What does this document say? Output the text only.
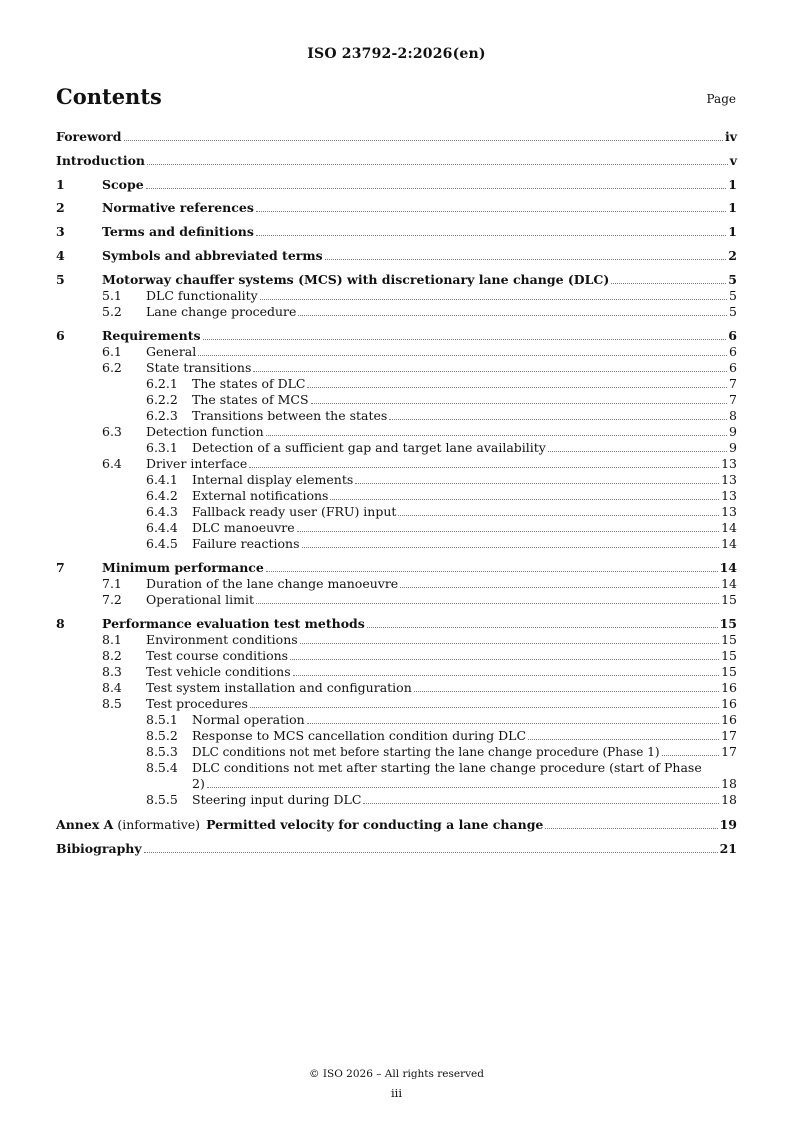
ISO 23792-2:2026(en)
Contents	Page
Foreword	iv
Introduction	v
1	Scope	1
2	Normative references	1
3	Terms and definitions	1
4	Symbols and abbreviated terms	2
5	Motorway chauffer systems (MCS) with discretionary lane change (DLC)	5
5.1	DLC functionality	5
5.2	Lane change procedure	5
6	Requirements	6
6.1	General	6
6.2	State transitions	6
6.2.1	The states of DLC	7
6.2.2	The states of MCS	7
6.2.3	Transitions between the states	8
6.3	Detection function	9
6.3.1	Detection of a sufficient gap and target lane availability	9
6.4	Driver interface	13
6.4.1	Internal display elements	13
6.4.2	External notifications	13
6.4.3	Fallback ready user (FRU) input	13
6.4.4	DLC manoeuvre	14
6.4.5	Failure reactions	14
7	Minimum performance	14
7.1	Duration of the lane change manoeuvre	14
7.2	Operational limit	15
8	Performance evaluation test methods	15
8.1	Environment conditions	15
8.2	Test course conditions	15
8.3	Test vehicle conditions	15
8.4	Test system installation and configuration	16
8.5	Test procedures	16
8.5.1	Normal operation	16
8.5.2	Response to MCS cancellation condition during DLC	17
8.5.3	DLC conditions not met before starting the lane change procedure (Phase 1)	17
8.5.4	DLC conditions not met after starting the lane change procedure (start of Phase
2)	18
8.5.5	Steering input during DLC	18
Annex A (informative) Permitted velocity for conducting a lane change	19
Bibiography	21
© ISO 2026 – All rights reserved
iii
